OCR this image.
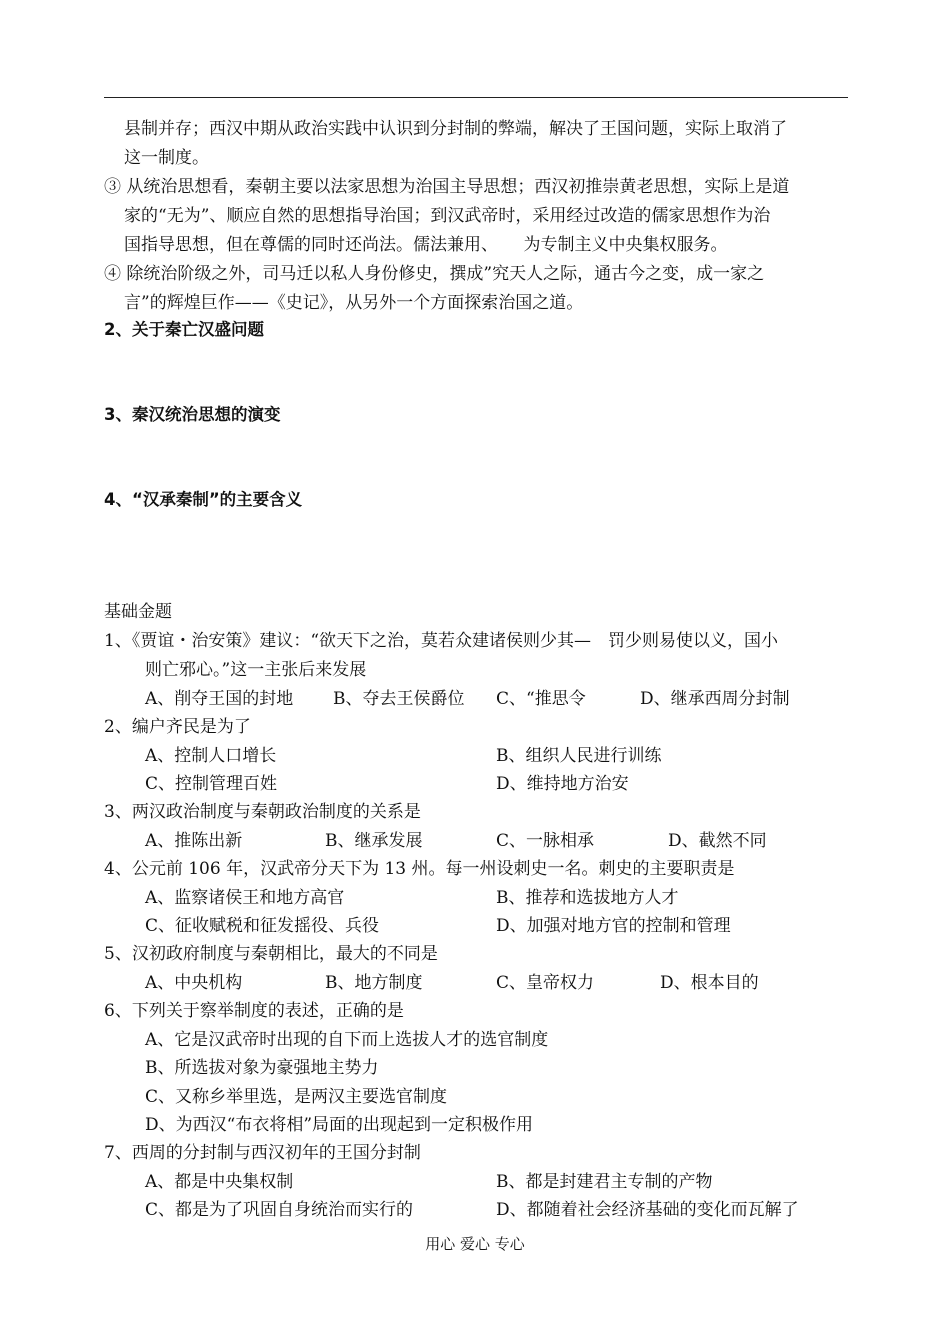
县制并存；西汉中期从政治实践中认识到分封制的弊端，解决了王国问题，实际上取消了
这一制度。
③ 从统治思想看，秦朝主要以法家思想为治国主导思想；西汉初推崇黄老思想，实际上是道
家的“无为”、顺应自然的思想指导治国；到汉武帝时，采用经过改造的儒家思想作为治
国指导思想，但在尊儒的同时还尚法。儒法兼用、　　为专制主义中央集权服务。
④ 除统治阶级之外，司马迁以私人身份修史，撰成”究天人之际，通古今之变，成一家之
言”的辉煌巨作——《史记》，从另外一个方面探索治国之道。
2、关于秦亡汉盛问题
3、秦汉统治思想的演变
4、“汉承秦制”的主要含义
基础金题
1、《贾谊・治安策》建议：“欲天下之治，莫若众建诸侯则少其—　罚少则易使以义，国小
则亡邪心。”这一主张后来发展
A、削夺王国的封地 B、夺去王侯爵位 C、“推思令	D、继承西周分封制
2、编户齐民是为了
A、控制人口增长	B、组织人民进行训练
C、控制管理百姓	D、维持地方治安
3、两汉政治制度与秦朝政治制度的关系是
A、推陈出新	B、继承发展	C、一脉相承	D、截然不同
4、公元前 106 年，汉武帝分天下为 13 州。每一州设刺史一名。刺史的主要职责是
A、监察诸侯王和地方高官	B、推荐和选拔地方人才
C、征收赋税和征发摇役、兵役	D、加强对地方官的控制和管理
5、汉初政府制度与秦朝相比，最大的不同是
A、中央机构	B、地方制度	C、皇帝权力	D、根本目的
6、下列关于察举制度的表述，正确的是
A、它是汉武帝时出现的自下而上选拔人才的选官制度
B、所选拔对象为豪强地主势力
C、又称乡举里选，是两汉主要选官制度
D、为西汉“布衣将相”局面的出现起到一定积极作用
7、西周的分封制与西汉初年的王国分封制
A、都是中央集权制	B、都是封建君主专制的产物
C、都是为了巩固自身统治而实行的	D、都随着社会经济基础的变化而瓦解了
用心 爱心 专心
